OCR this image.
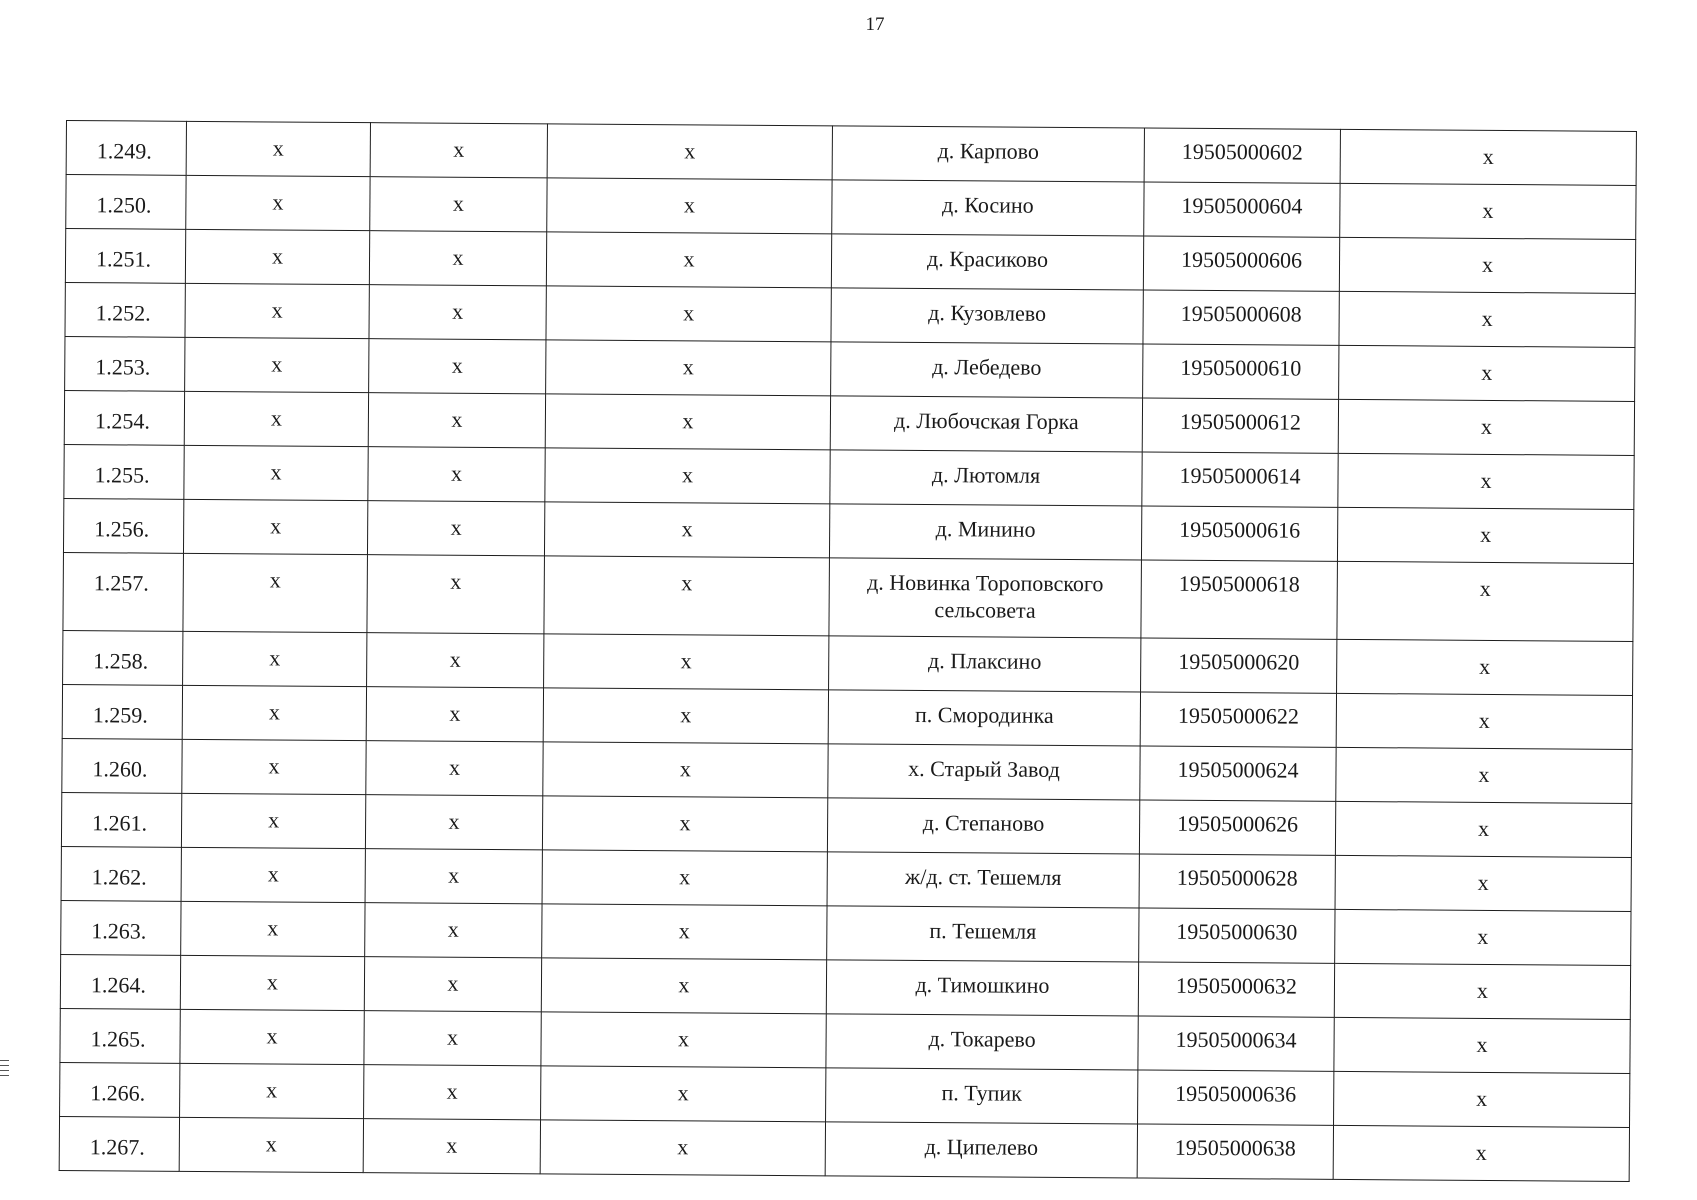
17
1.249.	x	x	x	д. Карпово	19505000602	x
1.250.	x	x	x	д. Косино	19505000604	x
1.251.	x	x	x	д. Красиково	19505000606	x
1.252.	x	x	x	д. Кузовлево	19505000608	x
1.253.	x	x	x	д. Лебедево	19505000610	x
1.254.	x	x	x	д. Любочская Горка	19505000612	x
1.255.	x	x	x	д. Лютомля	19505000614	x
1.256.	x	x	x	д. Минино	19505000616	x
1.257.	x	x	x	д. Новинка Тороповского сельсовета	19505000618	x
1.258.	x	x	x	д. Плаксино	19505000620	x
1.259.	x	x	x	п. Смородинка	19505000622	x
1.260.	x	x	x	х. Старый Завод	19505000624	x
1.261.	x	x	x	д. Степаново	19505000626	x
1.262.	x	x	x	ж/д. ст. Тешемля	19505000628	x
1.263.	x	x	x	п. Тешемля	19505000630	x
1.264.	x	x	x	д. Тимошкино	19505000632	x
1.265.	x	x	x	д. Токарево	19505000634	x
1.266.	x	x	x	п. Тупик	19505000636	x
1.267.	x	x	x	д. Ципелево	19505000638	x
